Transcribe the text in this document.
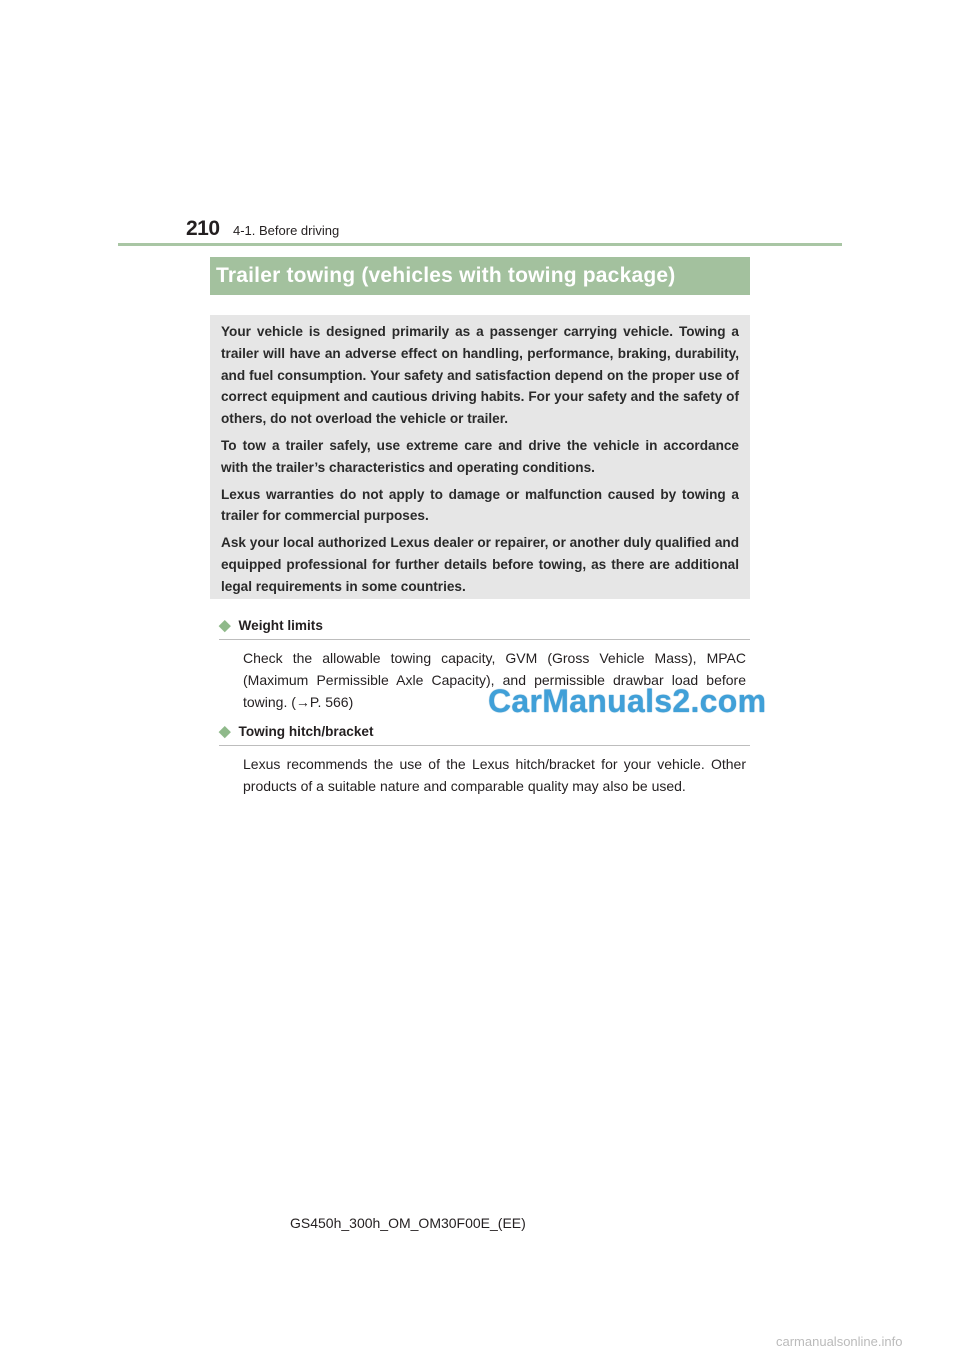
210 4-1. Before driving
Trailer towing (vehicles with towing package)

Your vehicle is designed primarily as a passenger carrying vehicle. Towing a trailer will have an adverse effect on handling, performance, braking, durability, and fuel consumption. Your safety and satisfaction depend on the proper use of correct equipment and cautious driving habits. For your safety and the safety of others, do not overload the vehicle or trailer.

To tow a trailer safely, use extreme care and drive the vehicle in accordance with the trailer’s characteristics and operating conditions.

Lexus warranties do not apply to damage or malfunction caused by towing a trailer for commercial purposes.

Ask your local authorized Lexus dealer or repairer, or another duly qualified and equipped professional for further details before towing, as there are additional legal requirements in some countries.

◆ Weight limits

Check the allowable towing capacity, GVM (Gross Vehicle Mass), MPAC (Maximum Permissible Axle Capacity), and permissible drawbar load before towing. (→P. 566)

◆ Towing hitch/bracket

Lexus recommends the use of the Lexus hitch/bracket for your vehicle. Other products of a suitable nature and comparable quality may also be used.

CarManuals2.com
GS450h_300h_OM_OM30F00E_(EE)
carmanualsonline.info
